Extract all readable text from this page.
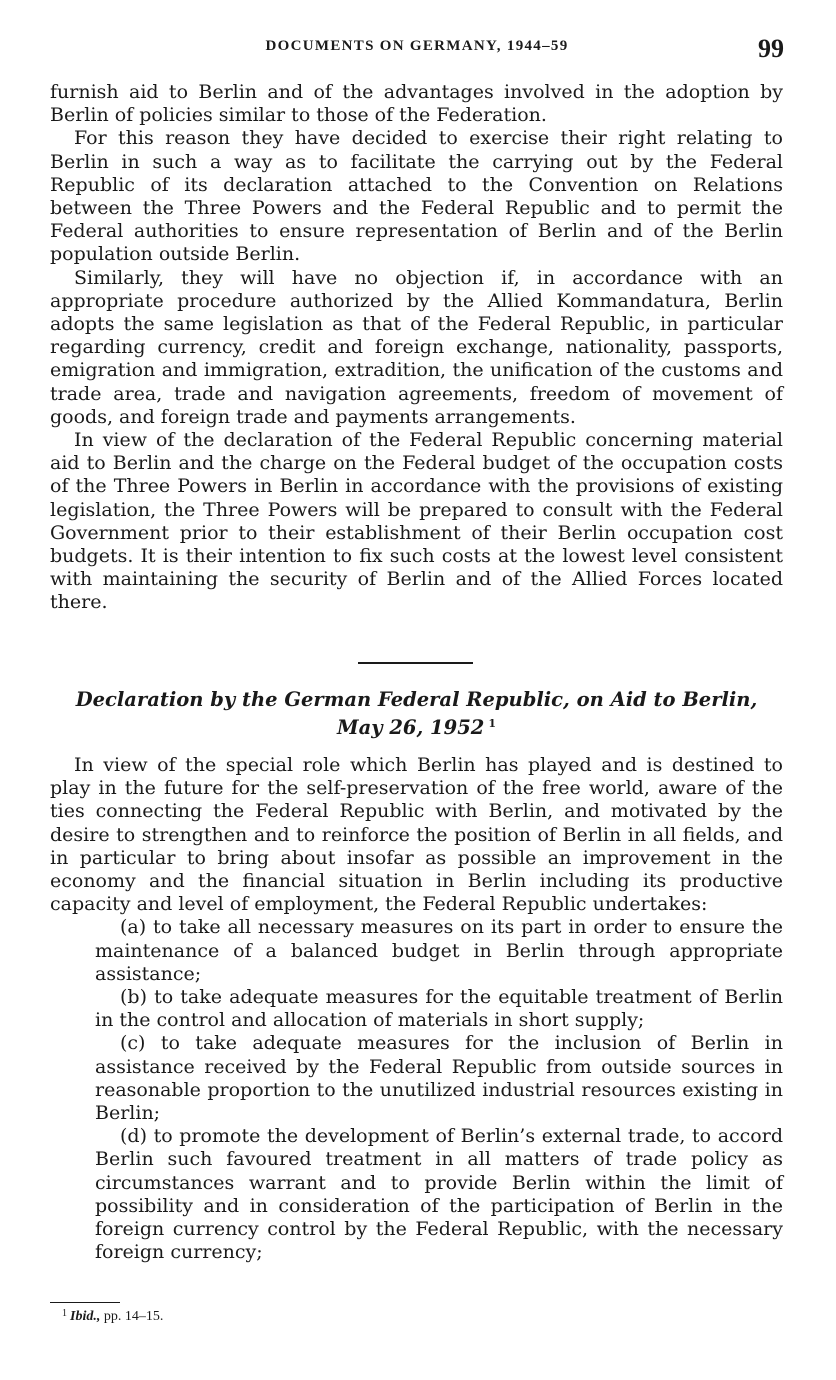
DOCUMENTS ON GERMANY, 1944–59	99

furnish aid to Berlin and of the advantages involved in the adoption by Berlin of policies similar to those of the Federation.

For this reason they have decided to exercise their right relating to Berlin in such a way as to facilitate the carrying out by the Federal Republic of its declaration attached to the Convention on Relations between the Three Powers and the Federal Republic and to permit the Federal authorities to ensure representation of Berlin and of the Berlin population outside Berlin.

Similarly, they will have no objection if, in accordance with an appropriate procedure authorized by the Allied Kommandatura, Berlin adopts the same legislation as that of the Federal Republic, in particular regarding currency, credit and foreign exchange, nationality, passports, emigration and immigration, extradition, the unification of the customs and trade area, trade and navigation agreements, freedom of movement of goods, and foreign trade and payments arrangements.

In view of the declaration of the Federal Republic concerning material aid to Berlin and the charge on the Federal budget of the occupation costs of the Three Powers in Berlin in accordance with the provisions of existing legislation, the Three Powers will be prepared to consult with the Federal Government prior to their establishment of their Berlin occupation cost budgets. It is their intention to fix such costs at the lowest level consistent with maintaining the security of Berlin and of the Allied Forces located there.

Declaration by the German Federal Republic, on Aid to Berlin,
May 26, 1952 $^1$

In view of the special role which Berlin has played and is destined to play in the future for the self-preservation of the free world, aware of the ties connecting the Federal Republic with Berlin, and motivated by the desire to strengthen and to reinforce the position of Berlin in all fields, and in particular to bring about insofar as possible an improvement in the economy and the financial situation in Berlin including its productive capacity and level of employment, the Federal Republic undertakes:

(a) to take all necessary measures on its part in order to ensure the maintenance of a balanced budget in Berlin through appropriate assistance;

(b) to take adequate measures for the equitable treatment of Berlin in the control and allocation of materials in short supply;

(c) to take adequate measures for the inclusion of Berlin in assistance received by the Federal Republic from outside sources in reasonable proportion to the unutilized industrial resources existing in Berlin;

(d) to promote the development of Berlin’s external trade, to accord Berlin such favoured treatment in all matters of trade policy as circumstances warrant and to provide Berlin within the limit of possibility and in consideration of the participation of Berlin in the foreign currency control by the Federal Republic, with the necessary foreign currency;

$^1$ Ibid., pp. 14–15.
